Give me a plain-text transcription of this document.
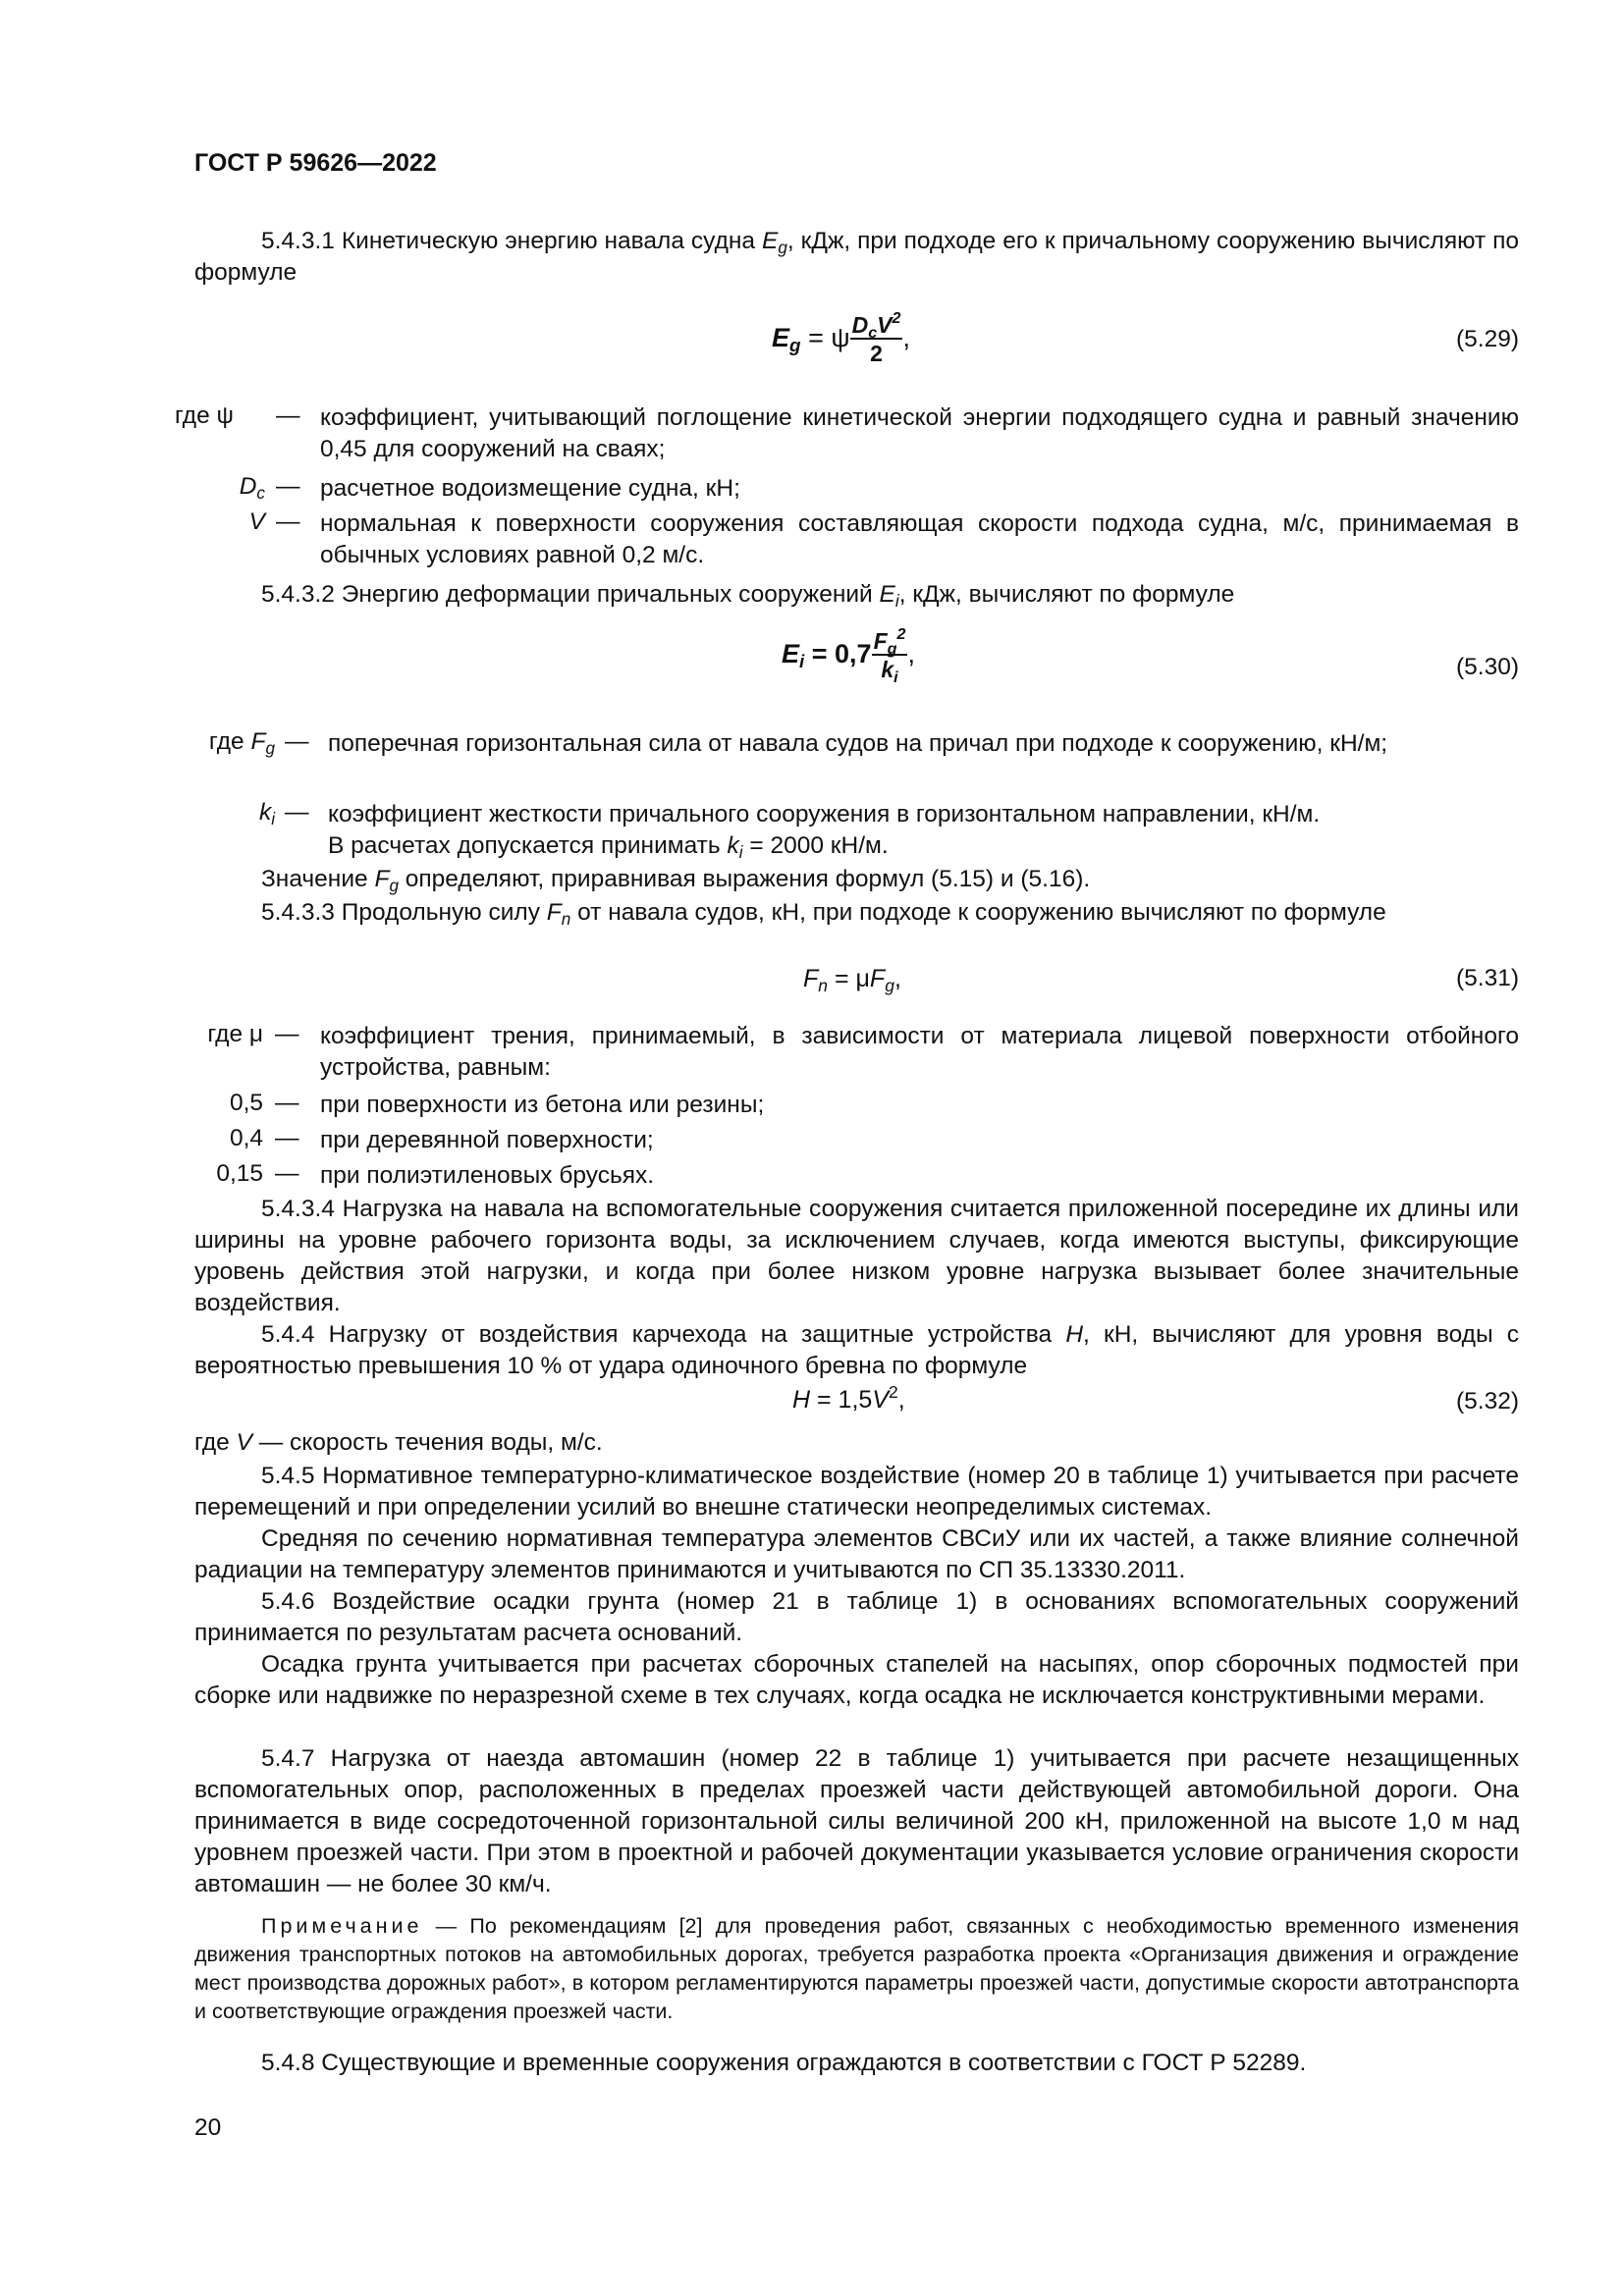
ГОСТ Р 59626—2022
5.4.3.1 Кинетическую энергию навала судна $E_g$, кДж, при подходе его к причальному сооружению вычисляют по формуле
$E_g = \psi \frac{D_cV^2}{2}$ ,	(5.29)
где ψ — коэффициент, учитывающий поглощение кинетической энергии подходящего судна и равный значению 0,45 для сооружений на сваях;
$D_c$ — расчетное водоизмещение судна, кН;
V — нормальная к поверхности сооружения составляющая скорости подхода судна, м/с, принимаемая в обычных условиях равной 0,2 м/с.
5.4.3.2 Энергию деформации причальных сооружений $E_i$, кДж, вычисляют по формуле
$E_i = 0,7 \frac{F_g^2}{k_i}$ ,	(5.30)
где $F_g$ — поперечная горизонтальная сила от навала судов на причал при подходе к сооружению, кН/м;
$k_i$ — коэффициент жесткости причального сооружения в горизонтальном направлении, кН/м.
В расчетах допускается принимать $k_i = 2000$ кН/м.
Значение $F_g$ определяют, приравнивая выражения формул (5.15) и (5.16).
5.4.3.3 Продольную силу $F_n$ от навала судов, кН, при подходе к сооружению вычисляют по формуле
$F_n = \mu F_g$,	(5.31)
где μ — коэффициент трения, принимаемый, в зависимости от материала лицевой поверхности отбойного устройства, равным:
0,5 — при поверхности из бетона или резины;
0,4 — при деревянной поверхности;
0,15 — при полиэтиленовых брусьях.
5.4.3.4 Нагрузка на навала на вспомогательные сооружения считается приложенной посередине их длины или ширины на уровне рабочего горизонта воды, за исключением случаев, когда имеются выступы, фиксирующие уровень действия этой нагрузки, и когда при более низком уровне нагрузка вызывает более значительные воздействия.
5.4.4 Нагрузку от воздействия карчехода на защитные устройства H, кН, вычисляют для уровня воды с вероятностью превышения 10 % от удара одиночного бревна по формуле
$H = 1,5V^2$,	(5.32)
где V — скорость течения воды, м/с.
5.4.5 Нормативное температурно-климатическое воздействие (номер 20 в таблице 1) учитывается при расчете перемещений и при определении усилий во внешне статически неопределимых системах.
Средняя по сечению нормативная температура элементов СВСиУ или их частей, а также влияние солнечной радиации на температуру элементов принимаются и учитываются по СП 35.13330.2011.
5.4.6 Воздействие осадки грунта (номер 21 в таблице 1) в основаниях вспомогательных сооружений принимается по результатам расчета оснований.
Осадка грунта учитывается при расчетах сборочных стапелей на насыпях, опор сборочных подмостей при сборке или надвижке по неразрезной схеме в тех случаях, когда осадка не исключается конструктивными мерами.
5.4.7 Нагрузка от наезда автомашин (номер 22 в таблице 1) учитывается при расчете незащищенных вспомогательных опор, расположенных в пределах проезжей части действующей автомобильной дороги. Она принимается в виде сосредоточенной горизонтальной силы величиной 200 кН, приложенной на высоте 1,0 м над уровнем проезжей части. При этом в проектной и рабочей документации указывается условие ограничения скорости автомашин — не более 30 км/ч.
Примечание — По рекомендациям [2] для проведения работ, связанных с необходимостью временного изменения движения транспортных потоков на автомобильных дорогах, требуется разработка проекта «Организация движения и ограждение мест производства дорожных работ», в котором регламентируются параметры проезжей части, допустимые скорости автотранспорта и соответствующие ограждения проезжей части.
5.4.8 Существующие и временные сооружения ограждаются в соответствии с ГОСТ Р 52289.
20
